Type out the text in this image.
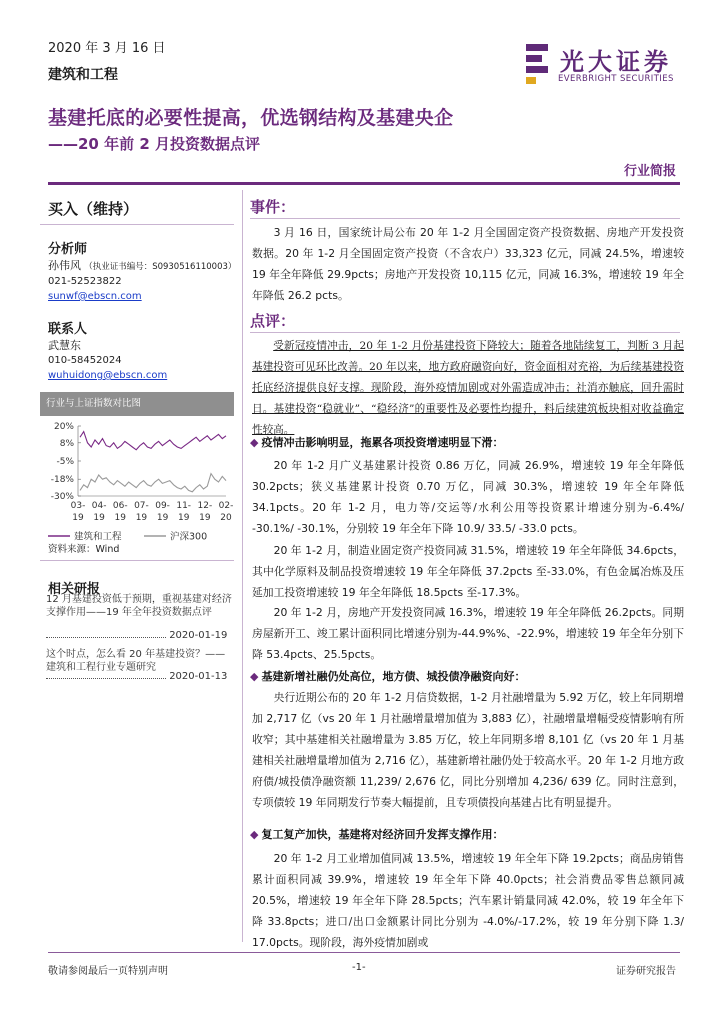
2020 年 3 月 16 日
建筑和工程	光大证券
EVERBRIGHT SECURITIES
基建托底的必要性提高，优选钢结构及基建央企
——20 年前 2 月投资数据点评
行业简报
买入（维持）
分析师
孙伟风 （执业证书编号：S0930516110003）
021-52523822
sunwf@ebscn.com
联系人
武慧东
010-58452024
wuhuidong@ebscn.com
行业与上证指数对比图
20%
8%
-5%
-18%
-30%
03-
19
04-
19
06-
19
07-
19
09-
19
11-
19
12-
19
02-
20
建筑和工程	沪深300
资料来源：Wind
相关研报
12 月基建投资低于预期，重视基建对经济支撑作用——19 年全年投资数据点评
2020-01-19
这个时点，怎么看 20 年基建投资？——建筑和工程行业专题研究
2020-01-13
事件：

3 月 16 日，国家统计局公布 20 年 1-2 月全国固定资产投资数据、房地产开发投资数据。20 年 1-2 月全国固定资产投资（不含农户）33,323 亿元，同减 24.5%，增速较 19 年全年降低 29.9pcts；房地产开发投资 10,115 亿元，同减 16.3%，增速较 19 年全年降低 26.2 pcts。

点评：

受新冠疫情冲击，20 年 1-2 月份基建投资下降较大；随着各地陆续复工，判断 3 月起基建投资可见环比改善。20 年以来，地方政府融资向好，资金面相对充裕，为后续基建投资托底经济提供良好支撑。现阶段，海外疫情加剧或对外需造成冲击；社消亦触底，回升需时日。基建投资“稳就业”、“稳经济”的重要性及必要性均提升，料后续建筑板块相对收益确定性较高。

◆ 疫情冲击影响明显，拖累各项投资增速明显下滑：

20 年 1-2 月广义基建累计投资 0.86 万亿，同减 26.9%，增速较 19 年全年降低 30.2pcts；狭义基建累计投资 0.70 万亿，同减 30.3%，增速较 19 年全年降低 34.1pcts。20 年 1-2 月，电力等/交运等/水利公用等投资累计增速分别为-6.4%/ -30.1%/ -30.1%，分别较 19 年全年下降 10.9/ 33.5/ -33.0 pcts。

20 年 1-2 月，制造业固定资产投资同减 31.5%，增速较 19 年全年降低 34.6pcts，其中化学原料及制品投资增速较 19 年全年降低 37.2pcts 至-33.0%，有色金属冶炼及压延加工投资增速较 19 年全年降低 18.5pcts 至-17.3%。

20 年 1-2 月，房地产开发投资同减 16.3%，增速较 19 年全年降低 26.2pcts。同期房屋新开工、竣工累计面积同比增速分别为-44.9%%、-22.9%，增速较 19 年全年分别下降 53.4pcts、25.5pcts。

◆ 基建新增社融仍处高位，地方债、城投债净融资向好：

央行近期公布的 20 年 1-2 月信贷数据，1-2 月社融增量为 5.92 万亿，较上年同期增加 2,717 亿（vs 20 年 1 月社融增量增加值为 3,883 亿），社融增量增幅受疫情影响有所收窄；其中基建相关社融增量为 3.85 万亿，较上年同期多增 8,101 亿（vs 20 年 1 月基建相关社融增量增加值为 2,716 亿），基建新增社融仍处于较高水平。20 年 1-2 月地方政府债/城投债净融资额 11,239/ 2,676 亿，同比分别增加 4,236/ 639 亿。同时注意到，专项债较 19 年同期发行节奏大幅提前，且专项债投向基建占比有明显提升。

◆ 复工复产加快，基建将对经济回升发挥支撑作用：

20 年 1-2 月工业增加值同减 13.5%，增速较 19 年全年下降 19.2pcts；商品房销售累计面积同减 39.9%，增速较 19 年全年下降 40.0pcts；社会消费品零售总额同减 20.5%，增速较 19 年全年下降 28.5pcts；汽车累计销量同减 42.0%，较 19 年全年下降 33.8pcts；进口/出口金额累计同比分别为 -4.0%/-17.2%，较 19 年分别下降 1.3/ 17.0pcts。现阶段，海外疫情加剧或

敬请参阅最后一页特别声明	-1-	证券研究报告
